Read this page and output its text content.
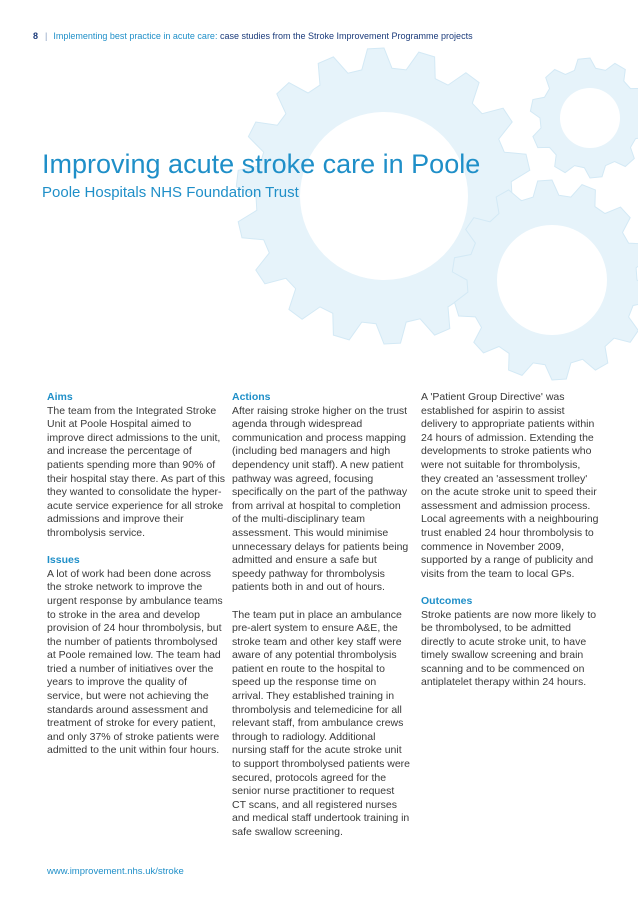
8 | Implementing best practice in acute care: case studies from the Stroke Improvement Programme projects
Improving acute stroke care in Poole
Poole Hospitals NHS Foundation Trust
Aims

The team from the Integrated Stroke Unit at Poole Hospital aimed to improve direct admissions to the unit, and increase the percentage of patients spending more than 90% of their hospital stay there. As part of this they wanted to consolidate the hyper-acute service experience for all stroke admissions and improve their thrombolysis service.

Issues

A lot of work had been done across the stroke network to improve the urgent response by ambulance teams to stroke in the area and develop provision of 24 hour thrombolysis, but the number of patients thrombolysed at Poole remained low. The team had tried a number of initiatives over the years to improve the quality of service, but were not achieving the standards around assessment and treatment of stroke for every patient, and only 37% of stroke patients were admitted to the unit within four hours.

Actions

After raising stroke higher on the trust agenda through widespread communication and process mapping (including bed managers and high dependency unit staff). A new patient pathway was agreed, focusing specifically on the part of the pathway from arrival at hospital to completion of the multi-disciplinary team assessment. This would minimise unnecessary delays for patients being admitted and ensure a safe but speedy pathway for thrombolysis patients both in and out of hours.

The team put in place an ambulance pre-alert system to ensure A&E, the stroke team and other key staff were aware of any potential thrombolysis patient en route to the hospital to speed up the response time on arrival. They established training in thrombolysis and telemedicine for all relevant staff, from ambulance crews through to radiology. Additional nursing staff for the acute stroke unit to support thrombolysed patients were secured, protocols agreed for the senior nurse practitioner to request CT scans, and all registered nurses and medical staff undertook training in safe swallow screening.

A 'Patient Group Directive' was established for aspirin to assist delivery to appropriate patients within 24 hours of admission. Extending the developments to stroke patients who were not suitable for thrombolysis, they created an 'assessment trolley' on the acute stroke unit to speed their assessment and admission process. Local agreements with a neighbouring trust enabled 24 hour thrombolysis to commence in November 2009, supported by a range of publicity and visits from the team to local GPs.

Outcomes

Stroke patients are now more likely to be thrombolysed, to be admitted directly to acute stroke unit, to have timely swallow screening and brain scanning and to be commenced on antiplatelet therapy within 24 hours.

www.improvement.nhs.uk/stroke
